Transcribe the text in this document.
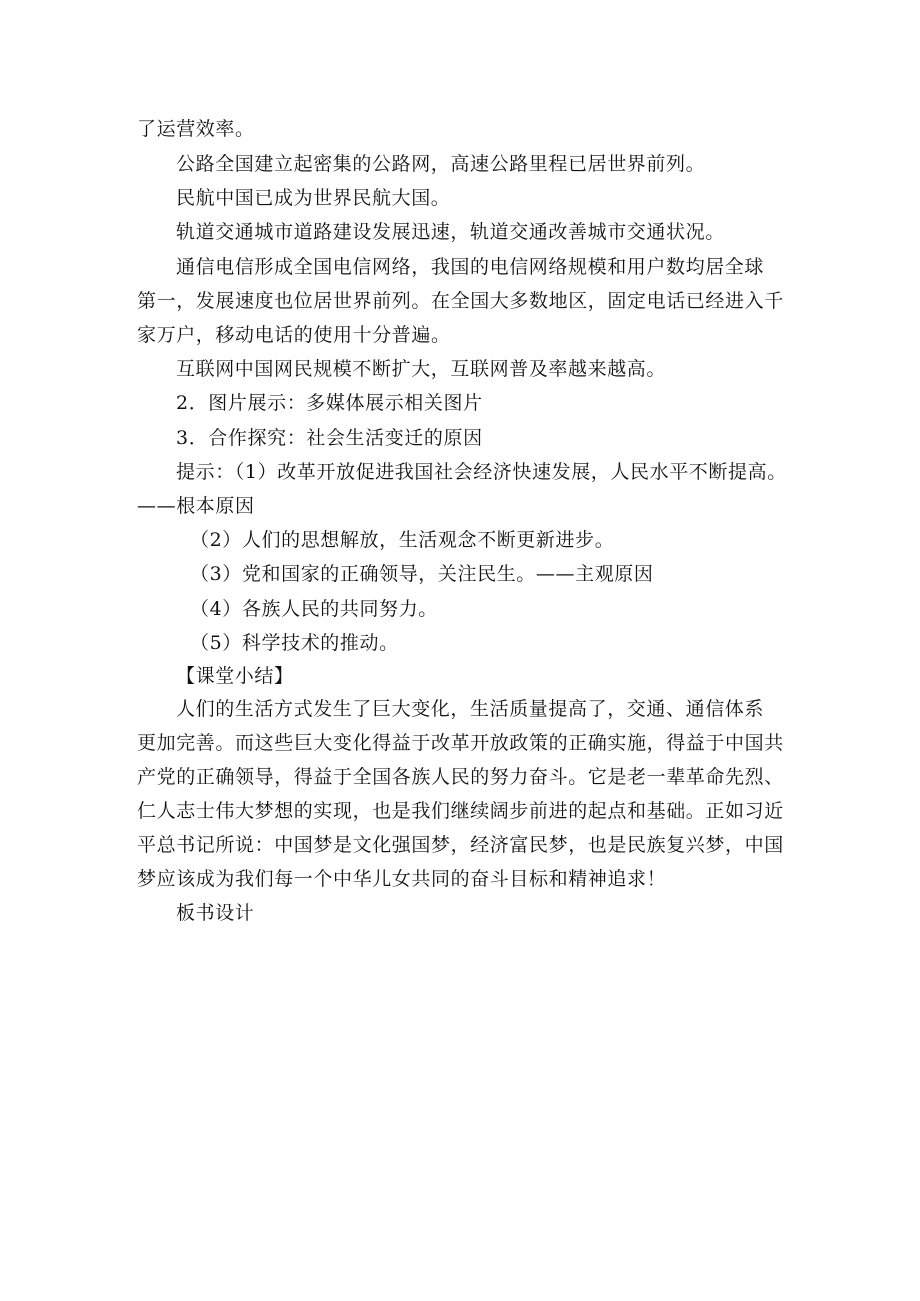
了运营效率。
公路全国建立起密集的公路网，高速公路里程已居世界前列。
民航中国已成为世界民航大国。
轨道交通城市道路建设发展迅速，轨道交通改善城市交通状况。
通信电信形成全国电信网络，我国的电信网络规模和用户数均居全球
第一，发展速度也位居世界前列。在全国大多数地区，固定电话已经进入千
家万户，移动电话的使用十分普遍。
互联网中国网民规模不断扩大，互联网普及率越来越高。
2．图片展示：多媒体展示相关图片
3．合作探究：社会生活变迁的原因
提示：（1）改革开放促进我国社会经济快速发展，人民水平不断提高。
——根本原因
（2）人们的思想解放，生活观念不断更新进步。
（3）党和国家的正确领导，关注民生。——主观原因
（4）各族人民的共同努力。
（5）科学技术的推动。
【课堂小结】
人们的生活方式发生了巨大变化，生活质量提高了，交通、通信体系
更加完善。而这些巨大变化得益于改革开放政策的正确实施，得益于中国共
产党的正确领导，得益于全国各族人民的努力奋斗。它是老一辈革命先烈、
仁人志士伟大梦想的实现，也是我们继续阔步前进的起点和基础。正如习近
平总书记所说：中国梦是文化强国梦，经济富民梦，也是民族复兴梦，中国
梦应该成为我们每一个中华儿女共同的奋斗目标和精神追求！
板书设计
